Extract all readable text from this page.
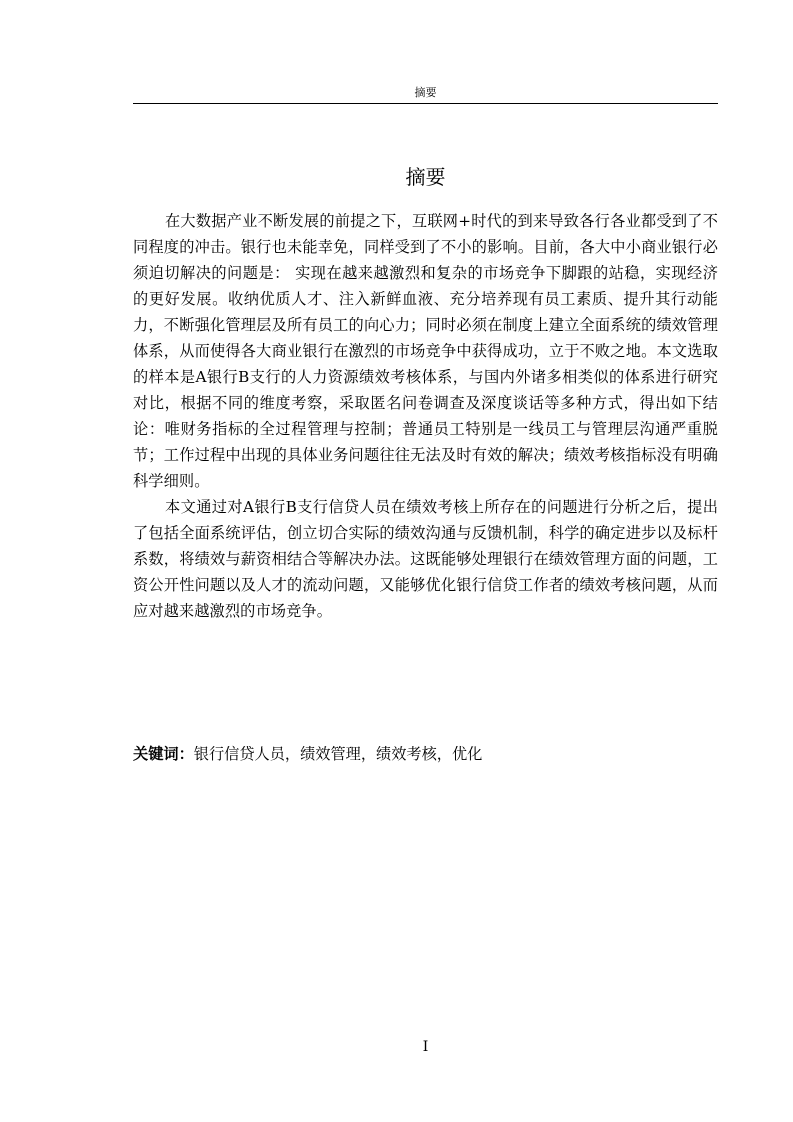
摘要
摘要

在大数据产业不断发展的前提之下，互联网+时代的到来导致各行各业都受到了不同程度的冲击。银行也未能幸免，同样受到了不小的影响。目前，各大中小商业银行必须迫切解决的问题是： 实现在越来越激烈和复杂的市场竞争下脚跟的站稳，实现经济的更好发展。收纳优质人才、注入新鲜血液、充分培养现有员工素质、提升其行动能力，不断强化管理层及所有员工的向心力；同时必须在制度上建立全面系统的绩效管理体系，从而使得各大商业银行在激烈的市场竞争中获得成功，立于不败之地。本文选取的样本是A银行B支行的人力资源绩效考核体系，与国内外诸多相类似的体系进行研究对比，根据不同的维度考察，采取匿名问卷调查及深度谈话等多种方式，得出如下结论：唯财务指标的全过程管理与控制；普通员工特别是一线员工与管理层沟通严重脱节；工作过程中出现的具体业务问题往往无法及时有效的解决；绩效考核指标没有明确科学细则。

本文通过对A银行B支行信贷人员在绩效考核上所存在的问题进行分析之后，提出了包括全面系统评估，创立切合实际的绩效沟通与反馈机制，科学的确定进步以及标杆系数，将绩效与薪资相结合等解决办法。这既能够处理银行在绩效管理方面的问题，工资公开性问题以及人才的流动问题，又能够优化银行信贷工作者的绩效考核问题，从而应对越来越激烈的市场竞争。

关键词：银行信贷人员，绩效管理，绩效考核，优化
I
